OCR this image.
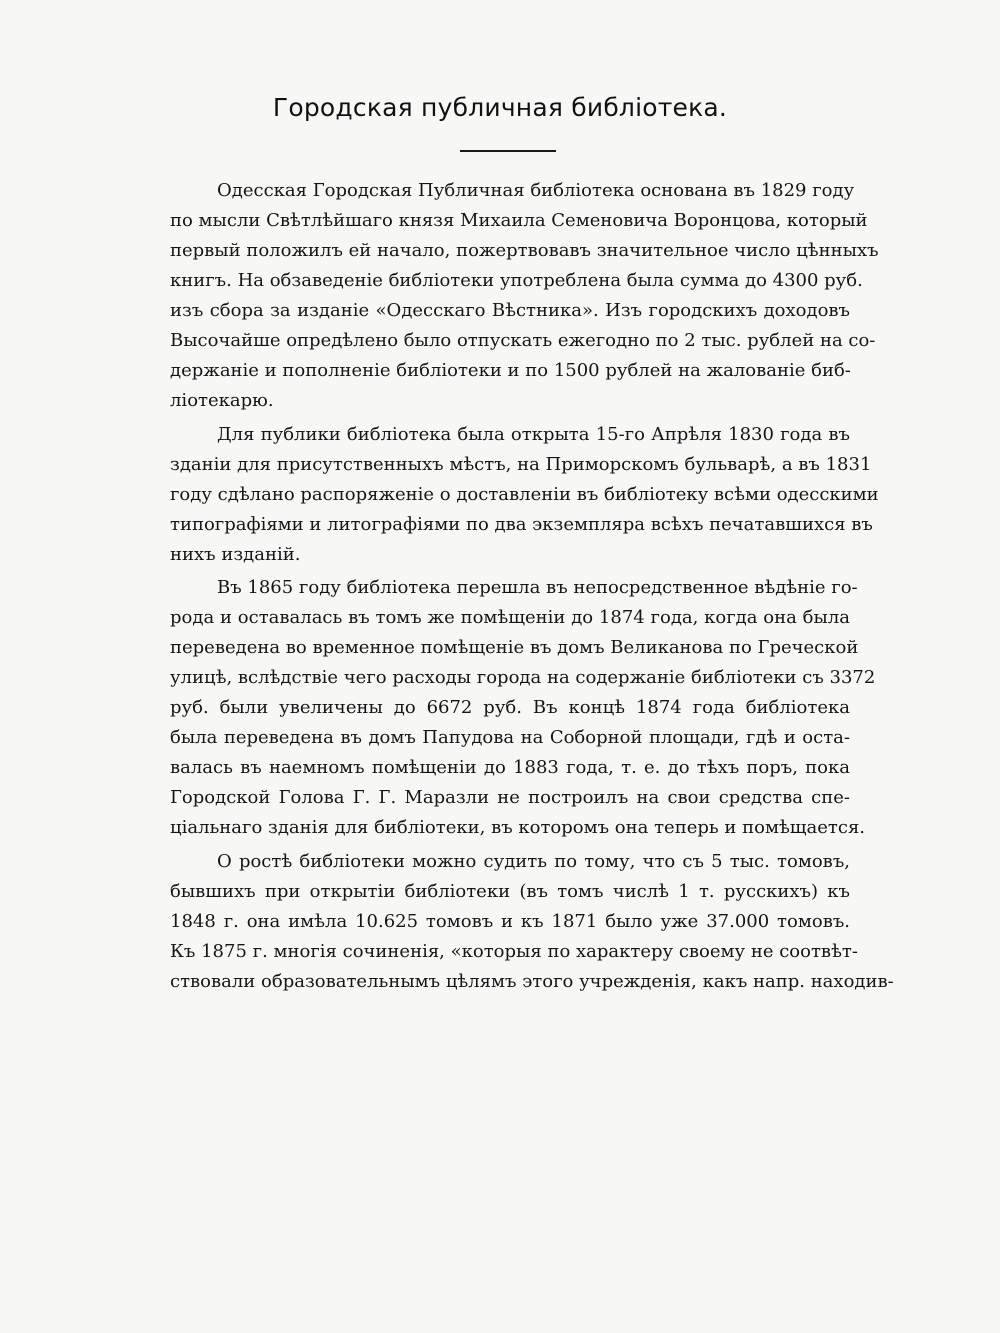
Городская публичная библіотека.
Одесская Городская Публичная библіотека основана въ 1829 году
по мысли Свѣтлѣйшаго князя Михаила Семеновича Воронцова, который
первый положилъ ей начало, пожертвовавъ значительное число цѣнныхъ
книгъ. На обзаведеніе библіотеки употреблена была сумма до 4300 руб.
изъ сбора за изданіе «Одесскаго Вѣстника». Изъ городскихъ доходовъ
Высочайше опредѣлено было отпускать ежегодно по 2 тыс. рублей на со-
держаніе и пополненіе библіотеки и по 1500 рублей на жалованіе биб-
ліотекарю.
Для публики библіотека была открыта 15-го Апрѣля 1830 года въ
зданіи для присутственныхъ мѣстъ, на Приморскомъ бульварѣ, а въ 1831
году сдѣлано распоряженіе о доставленіи въ библіотеку всѣми одесскими
типографіями и литографіями по два экземпляра всѣхъ печатавшихся въ
нихъ изданій.
Въ 1865 году библіотека перешла въ непосредственное вѣдѣніе го-
рода и оставалась въ томъ же помѣщеніи до 1874 года, когда она была
переведена во временное помѣщеніе въ домъ Великанова по Греческой
улицѣ, вслѣдствіе чего расходы города на содержаніе библіотеки съ 3372
руб. были увеличены до 6672 руб. Въ концѣ 1874 года библіотека
была переведена въ домъ Папудова на Соборной площади, гдѣ и оста-
валась въ наемномъ помѣщеніи до 1883 года, т. е. до тѣхъ поръ, пока
Городской Голова Г. Г. Маразли не построилъ на свои средства спе-
ціальнаго зданія для библіотеки, въ которомъ она теперь и помѣщается.
О ростѣ библіотеки можно судить по тому, что съ 5 тыс. томовъ,
бывшихъ при открытіи библіотеки (въ томъ числѣ 1 т. русскихъ) къ
1848 г. она имѣла 10.625 томовъ и къ 1871 было уже 37.000 томовъ.
Къ 1875 г. многія сочиненія, «которыя по характеру своему не соотвѣт-
ствовали образовательнымъ цѣлямъ этого учрежденія, какъ напр. находив-
